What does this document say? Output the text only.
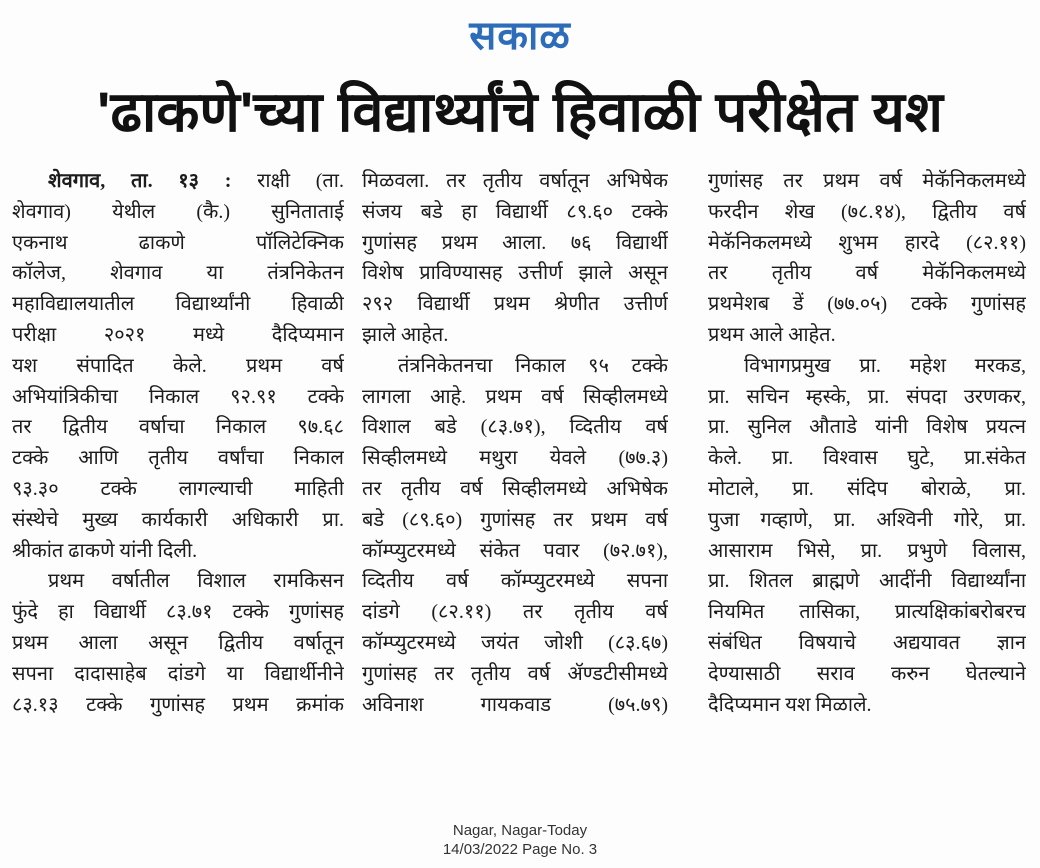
सकाळ
'ढाकणे'च्या विद्यार्थ्यांचे हिवाळी परीक्षेत यश
शेवगाव, ता. १३ : राक्षी (ता.
शेवगाव) येथील (कै.) सुनिताताई
एकनाथ ढाकणे पॉलिटेक्निक
कॉलेज, शेवगाव या तंत्रनिकेतन
महाविद्यालयातील विद्यार्थ्यांनी हिवाळी
परीक्षा २०२१ मध्ये दैदिप्यमान
यश संपादित केले. प्रथम वर्ष
अभियांत्रिकीचा निकाल ९२.९१ टक्के
तर द्वितीय वर्षाचा निकाल ९७.६८
टक्के आणि तृतीय वर्षांचा निकाल
९३.३० टक्के लागल्याची माहिती
संस्थेचे मुख्य कार्यकारी अधिकारी प्रा.
श्रीकांत ढाकणे यांनी दिली.
प्रथम वर्षातील विशाल रामकिसन
फुंदे हा विद्यार्थी ८३.७१ टक्के गुणांसह
प्रथम आला असून द्वितीय वर्षातून
सपना दादासाहेब दांडगे या विद्यार्थीनीने
८३.१३ टक्के गुणांसह प्रथम क्रमांक
मिळवला. तर तृतीय वर्षातून अभिषेक
संजय बडे हा विद्यार्थी ८९.६० टक्के
गुणांसह प्रथम आला. ७६ विद्यार्थी
विशेष प्राविण्यासह उत्तीर्ण झाले असून
२९२ विद्यार्थी प्रथम श्रेणीत उत्तीर्ण
झाले आहेत.
तंत्रनिकेतनचा निकाल ९५ टक्के
लागला आहे. प्रथम वर्ष सिव्हीलमध्ये
विशाल बडे (८३.७१), व्दितीय वर्ष
सिव्हीलमध्ये मथुरा येवले (७७.३)
तर तृतीय वर्ष सिव्हीलमध्ये अभिषेक
बडे (८९.६०) गुणांसह तर प्रथम वर्ष
कॉम्प्युटरमध्ये संकेत पवार (७२.७१),
व्दितीय वर्ष कॉम्प्युटरमध्ये सपना
दांडगे (८२.११) तर तृतीय वर्ष
कॉम्प्युटरमध्ये जयंत जोशी (८३.६७)
गुणांसह तर तृतीय वर्ष ॲण्डटीसीमध्ये
अविनाश गायकवाड (७५.७९)
गुणांसह तर प्रथम वर्ष मेकॅनिकलमध्ये
फरदीन शेख (७८.१४), द्वितीय वर्ष
मेकॅनिकलमध्ये शुभम हारदे (८२.११)
तर तृतीय वर्ष मेकॅनिकलमध्ये
प्रथमेशब डें (७७.०५) टक्के गुणांसह
प्रथम आले आहेत.
विभागप्रमुख प्रा. महेश मरकड,
प्रा. सचिन म्हस्के, प्रा. संपदा उरणकर,
प्रा. सुनिल औताडे यांनी विशेष प्रयत्न
केले. प्रा. विश्वास घुटे, प्रा.संकेत
मोटाले, प्रा. संदिप बोराळे, प्रा.
पुजा गव्हाणे, प्रा. अश्विनी गोरे, प्रा.
आसाराम भिसे, प्रा. प्रभुणे विलास,
प्रा. शितल ब्राह्मणे आदींनी विद्यार्थ्यांना
नियमित तासिका, प्रात्यक्षिकांबरोबरच
संबंधित विषयाचे अद्ययावत ज्ञान
देण्यासाठी सराव करुन घेतल्याने
दैदिप्यमान यश मिळाले.
Nagar, Nagar-Today
14/03/2022 Page No. 3
